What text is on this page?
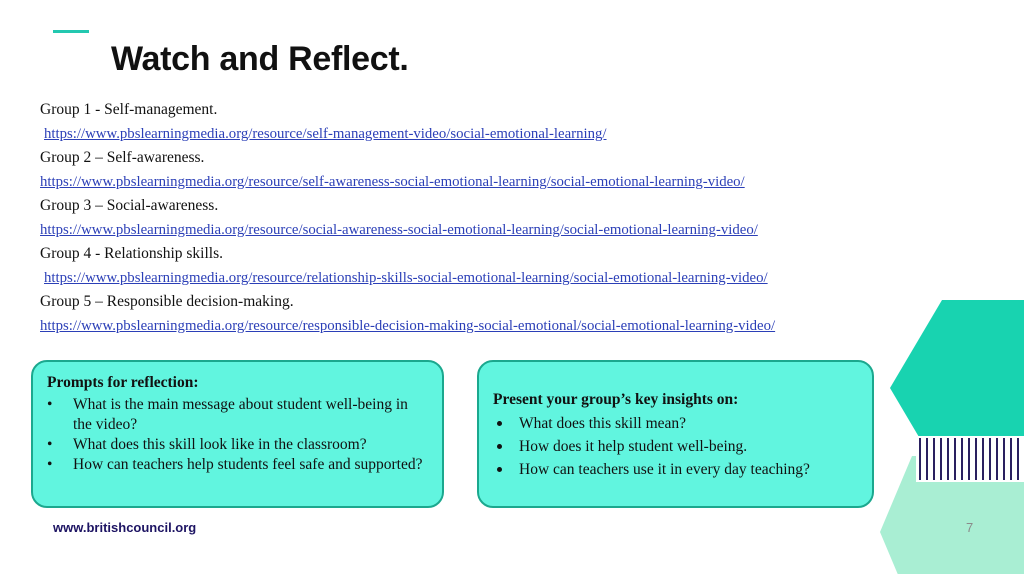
Watch and Reflect.
Group 1 - Self-management.
https://www.pbslearningmedia.org/resource/self-management-video/social-emotional-learning/
Group 2 – Self-awareness.
https://www.pbslearningmedia.org/resource/self-awareness-social-emotional-learning/social-emotional-learning-video/
Group 3 – Social-awareness.
https://www.pbslearningmedia.org/resource/social-awareness-social-emotional-learning/social-emotional-learning-video/
Group 4 - Relationship skills.
https://www.pbslearningmedia.org/resource/relationship-skills-social-emotional-learning/social-emotional-learning-video/
Group 5 – Responsible decision-making.
https://www.pbslearningmedia.org/resource/responsible-decision-making-social-emotional/social-emotional-learning-video/
Prompts for reflection:
• What is the main message about student well-being in the video?
• What does this skill look like in the classroom?
• How can teachers help students feel safe and supported?
Present your group’s key insights on:
What does this skill mean?
How does it help student well-being.
How can teachers use it in every day teaching?
www.britishcouncil.org	7
